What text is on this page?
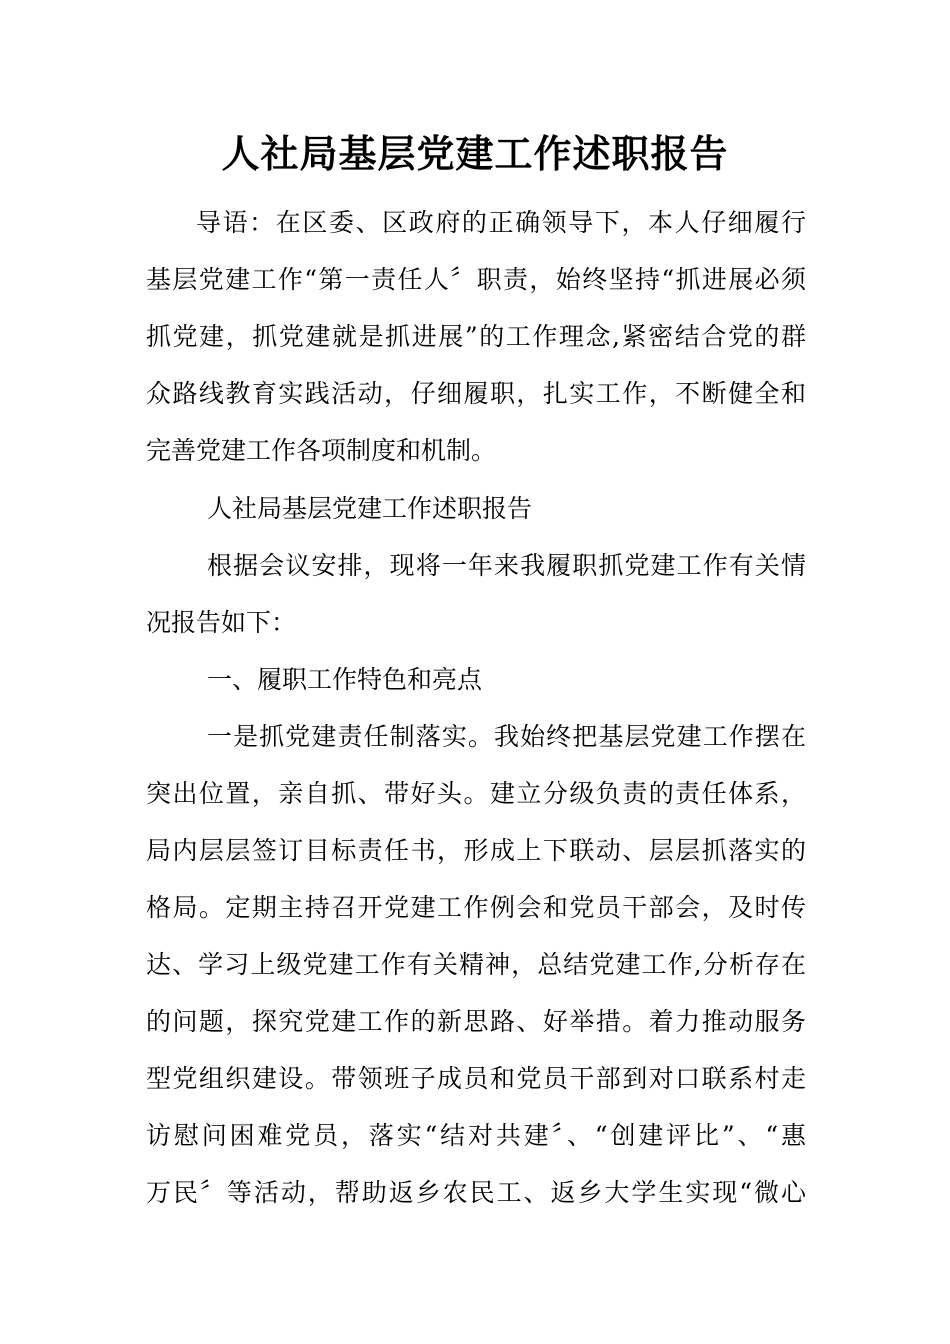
人社局基层党建工作述职报告
导语：在区委、区政府的正确领导下，本人仔细履行
基层党建工作“第一责任人〞职责，始终坚持“抓进展必须
抓党建，抓党建就是抓进展”的工作理念,紧密结合党的群
众路线教育实践活动，仔细履职，扎实工作，不断健全和
完善党建工作各项制度和机制。
人社局基层党建工作述职报告
根据会议安排，现将一年来我履职抓党建工作有关情
况报告如下：
一、履职工作特色和亮点
一是抓党建责任制落实。我始终把基层党建工作摆在
突出位置，亲自抓、带好头。建立分级负责的责任体系，
局内层层签订目标责任书，形成上下联动、层层抓落实的
格局。定期主持召开党建工作例会和党员干部会，及时传
达、学习上级党建工作有关精神，总结党建工作,分析存在
的问题，探究党建工作的新思路、好举措。着力推动服务
型党组织建设。带领班子成员和党员干部到对口联系村走
访慰问困难党员，落实“结对共建〞、“创建评比”、“惠
万民〞等活动，帮助返乡农民工、返乡大学生实现“微心
